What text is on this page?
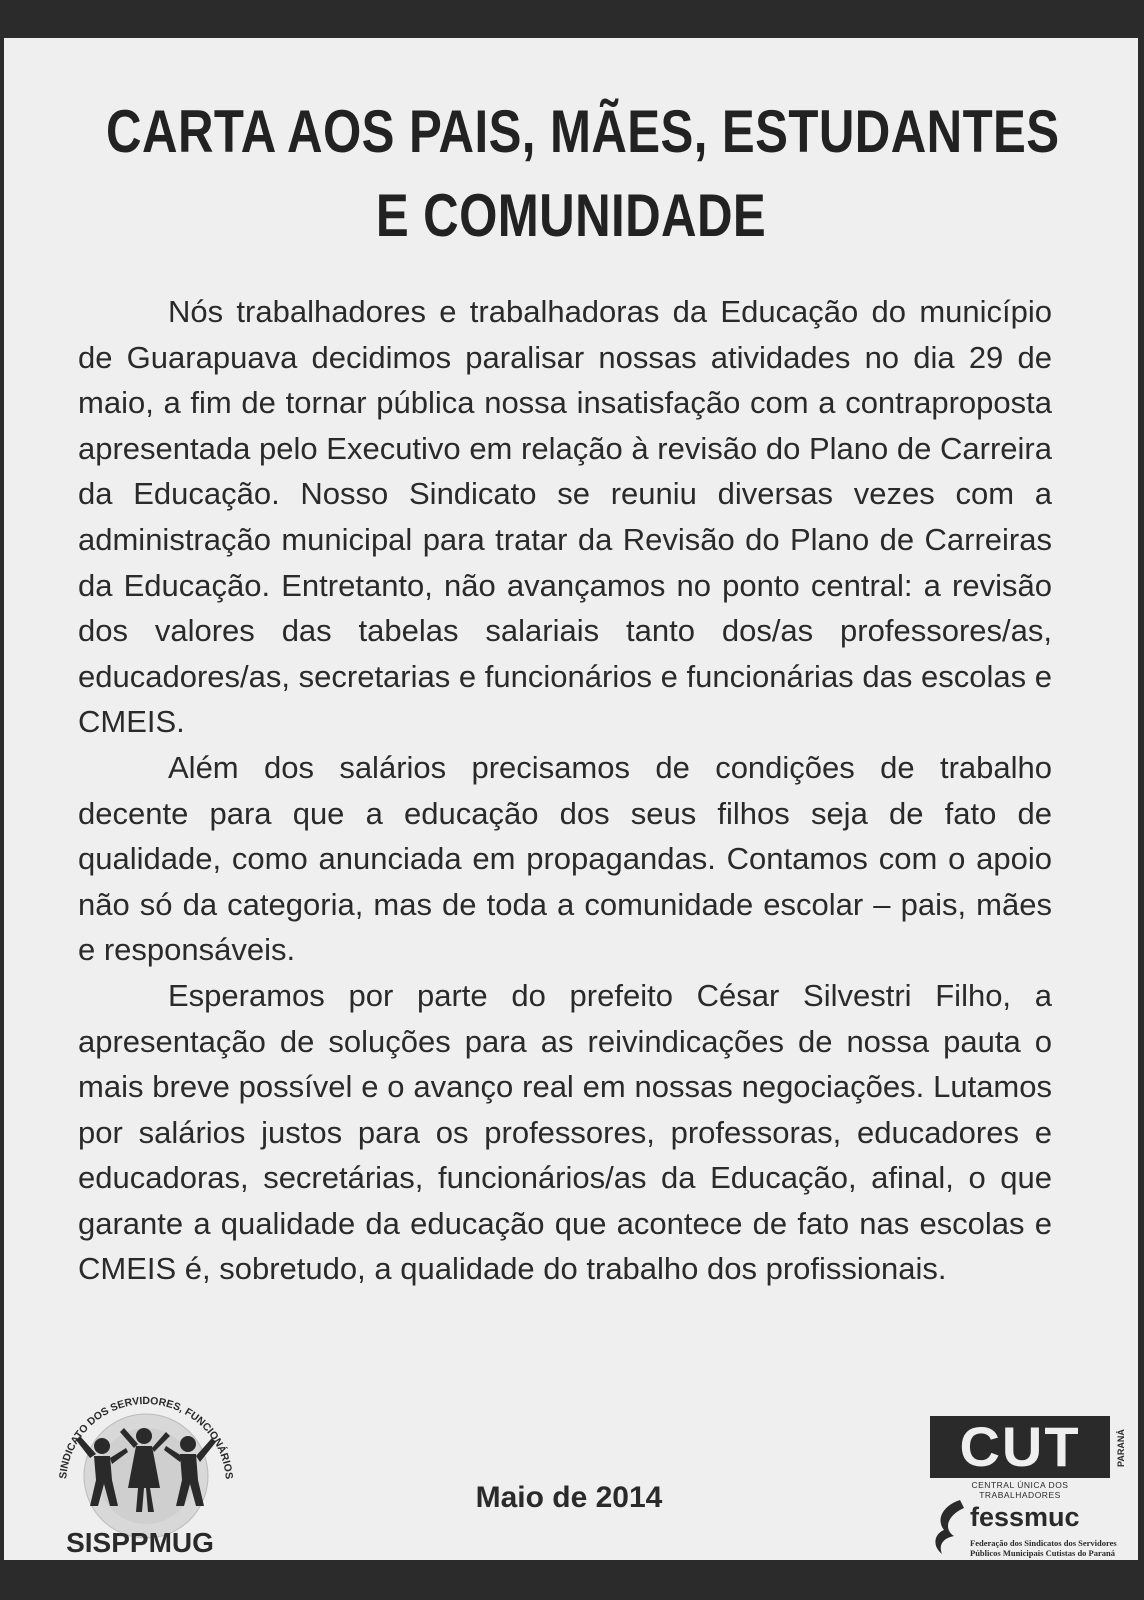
CARTA AOS PAIS, MÃES, ESTUDANTES
E COMUNIDADE

Nós trabalhadores e trabalhadoras da Educação do município de Guarapuava decidimos paralisar nossas atividades no dia 29 de maio, a fim de tornar pública nossa insatisfação com a contraproposta apresentada pelo Executivo em relação à revisão do Plano de Carreira da Educação. Nosso Sindicato se reuniu diversas vezes com a administração municipal para tratar da Revisão do Plano de Carreiras da Educação. Entretanto, não avançamos no ponto central: a revisão dos valores das tabelas salariais tanto dos/as professores/as, educadores/as, secretarias e funcionários e funcionárias das escolas e CMEIS.

Além dos salários precisamos de condições de trabalho decente para que a educação dos seus filhos seja de fato de qualidade, como anunciada em propagandas. Contamos com o apoio não só da categoria, mas de toda a comunidade escolar – pais, mães e responsáveis.

Esperamos por parte do prefeito César Silvestri Filho, a apresentação de soluções para as reivindicações de nossa pauta o mais breve possível e o avanço real em nossas negociações. Lutamos por salários justos para os professores, professoras, educadores e educadoras, secretárias, funcionários/as da Educação, afinal, o que garante a qualidade da educação que acontece de fato nas escolas e CMEIS é, sobretudo, a qualidade do trabalho dos profissionais.

SINDICATO DOS SERVIDORES, FUNCIONÁRIOS
SISPPMUG
Maio de 2014
CUT	PARANÁ
CENTRAL ÚNICA DOS TRABALHADORES
fessmuc
Federação dos Sindicatos dos Servidores
Públicos Municipais Cutistas do Paraná
